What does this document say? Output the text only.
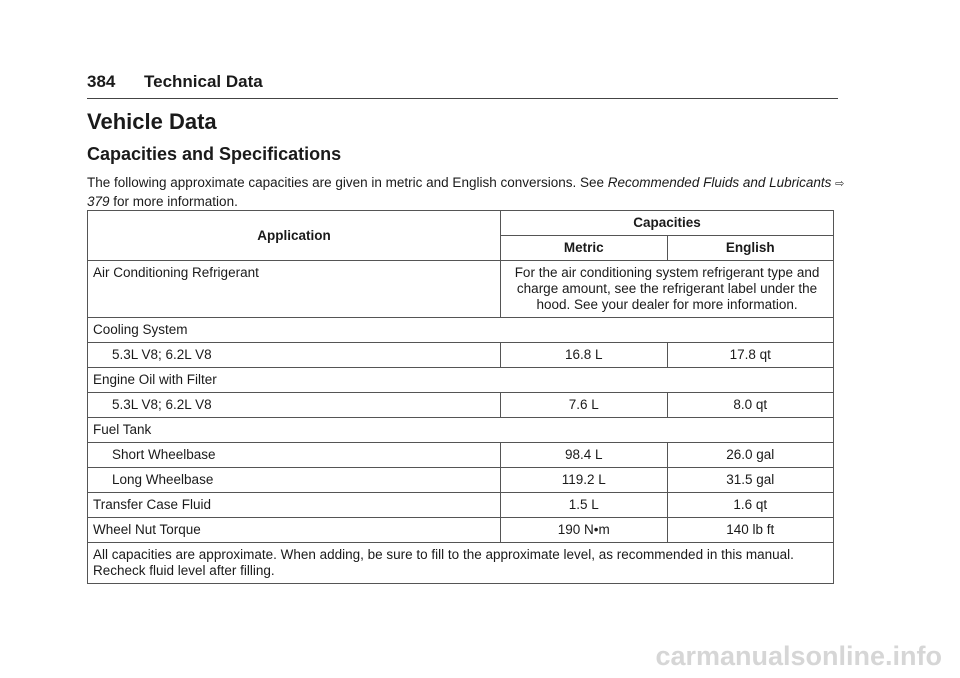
384 Technical Data
Vehicle Data
Capacities and Specifications
The following approximate capacities are given in metric and English conversions. See Recommended Fluids and Lubricants ⇨ 379 for more information.
Application	Capacities	
	Metric	English
Air Conditioning Refrigerant	For the air conditioning system refrigerant type and charge amount, see the refrigerant label under the hood. See your dealer for more information.	
Cooling System		
5.3L V8; 6.2L V8	16.8 L	17.8 qt
Engine Oil with Filter		
5.3L V8; 6.2L V8	7.6 L	8.0 qt
Fuel Tank		
Short Wheelbase	98.4 L	26.0 gal
Long Wheelbase	119.2 L	31.5 gal
Transfer Case Fluid	1.5 L	1.6 qt
Wheel Nut Torque	190 N•m	140 lb ft
All capacities are approximate. When adding, be sure to fill to the approximate level, as recommended in this manual. Recheck fluid level after filling.		
carmanualsonline.info
